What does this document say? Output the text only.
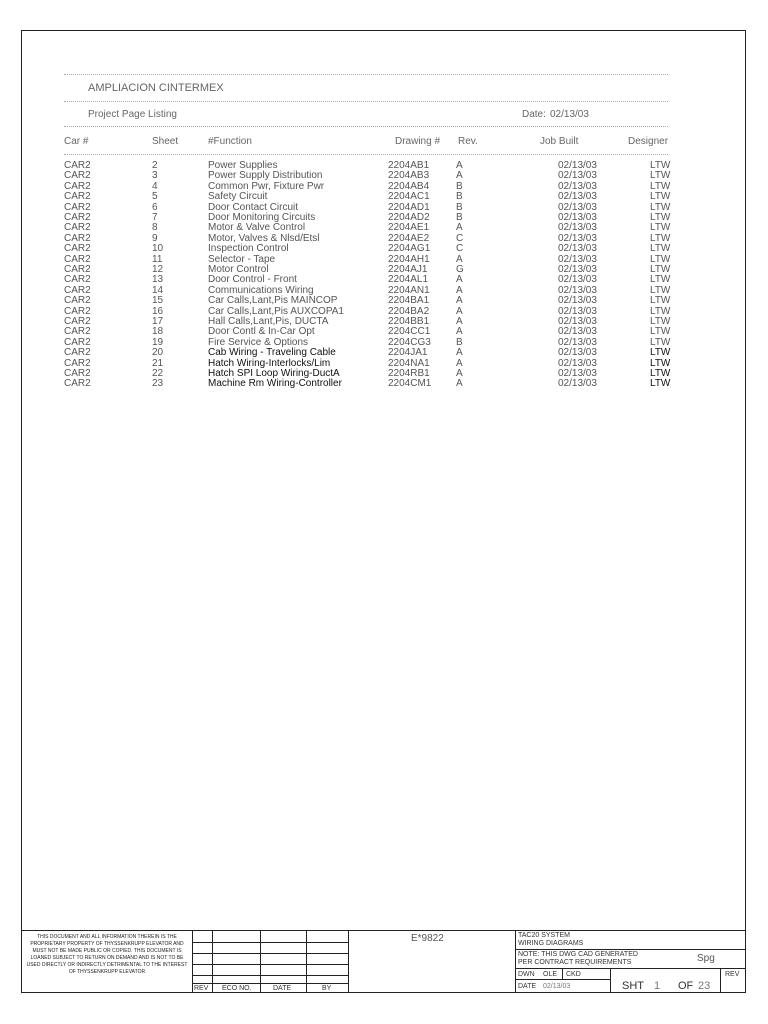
AMPLIACION CINTERMEX
Project Page Listing	Date: 02/13/03
Car #	Sheet	#Function	Drawing # Rev.	Job Built	Designer
CAR2	2	Power Supplies	2204AB1	A	02/13/03	LTW
CAR2	3	Power Supply Distribution	2204AB3	A	02/13/03	LTW
CAR2	4	Common Pwr, Fixture Pwr	2204AB4	B	02/13/03	LTW
CAR2	5	Safety Circuit	2204AC1	B	02/13/03	LTW
CAR2	6	Door Contact Circuit	2204AD1	B	02/13/03	LTW
CAR2	7	Door Monitoring Circuits	2204AD2	B	02/13/03	LTW
CAR2	8	Motor & Valve Control	2204AE1	A	02/13/03	LTW
CAR2	9	Motor, Valves & Nlsd/Etsl	2204AE2	C	02/13/03	LTW
CAR2	10	Inspection Control	2204AG1	C	02/13/03	LTW
CAR2	11	Selector - Tape	2204AH1	A	02/13/03	LTW
CAR2	12	Motor Control	2204AJ1	G	02/13/03	LTW
CAR2	13	Door Control - Front	2204AL1	A	02/13/03	LTW
CAR2	14	Communications Wiring	2204AN1	A	02/13/03	LTW
CAR2	15	Car Calls,Lant,Pis MAINCOP	2204BA1	A	02/13/03	LTW
CAR2	16	Car Calls,Lant,Pis AUXCOPA1	2204BA2	A	02/13/03	LTW
CAR2	17	Hall Calls,Lant,Pis, DUCTA	2204BB1	A	02/13/03	LTW
CAR2	18	Door Contl & In-Car Opt	2204CC1	A	02/13/03	LTW
CAR2	19	Fire Service & Options	2204CG3	B	02/13/03	LTW
CAR2	20	Cab Wiring - Traveling Cable	2204JA1	A	02/13/03	LTW
CAR2	21	Hatch Wiring-Interlocks/Lim	2204NA1	A	02/13/03	LTW
CAR2	22	Hatch SPI Loop Wiring-DuctA	2204RB1	A	02/13/03	LTW
CAR2	23	Machine Rm Wiring-Controller	2204CM1 A	02/13/03	LTW
THIS DOCUMENT AND ALL INFORMATION THEREIN IS THE PROPRIETARY PROPERTY OF THYSSENKRUPP ELEVATOR AND MUST NOT BE MADE PUBLIC OR COPIED. THIS DOCUMENT IS LOANED SUBJECT TO RETURN ON DEMAND AND IS NOT TO BE USED DIRECTLY OR INDIRECTLY DETRIMENTAL TO THE INTEREST OF THYSSENKRUPP ELEVATOR
REV ECO NO.	DATE	BY
E*9822	TAC20 SYSTEM
WIRING DIAGRAMS
NOTE: THIS DWG CAD GENERATED
PER CONTRACT REQUIREMENTS	Spg
DWN OLE CKD
DATE 02/13/03	SHT 1 OF 23
REV
